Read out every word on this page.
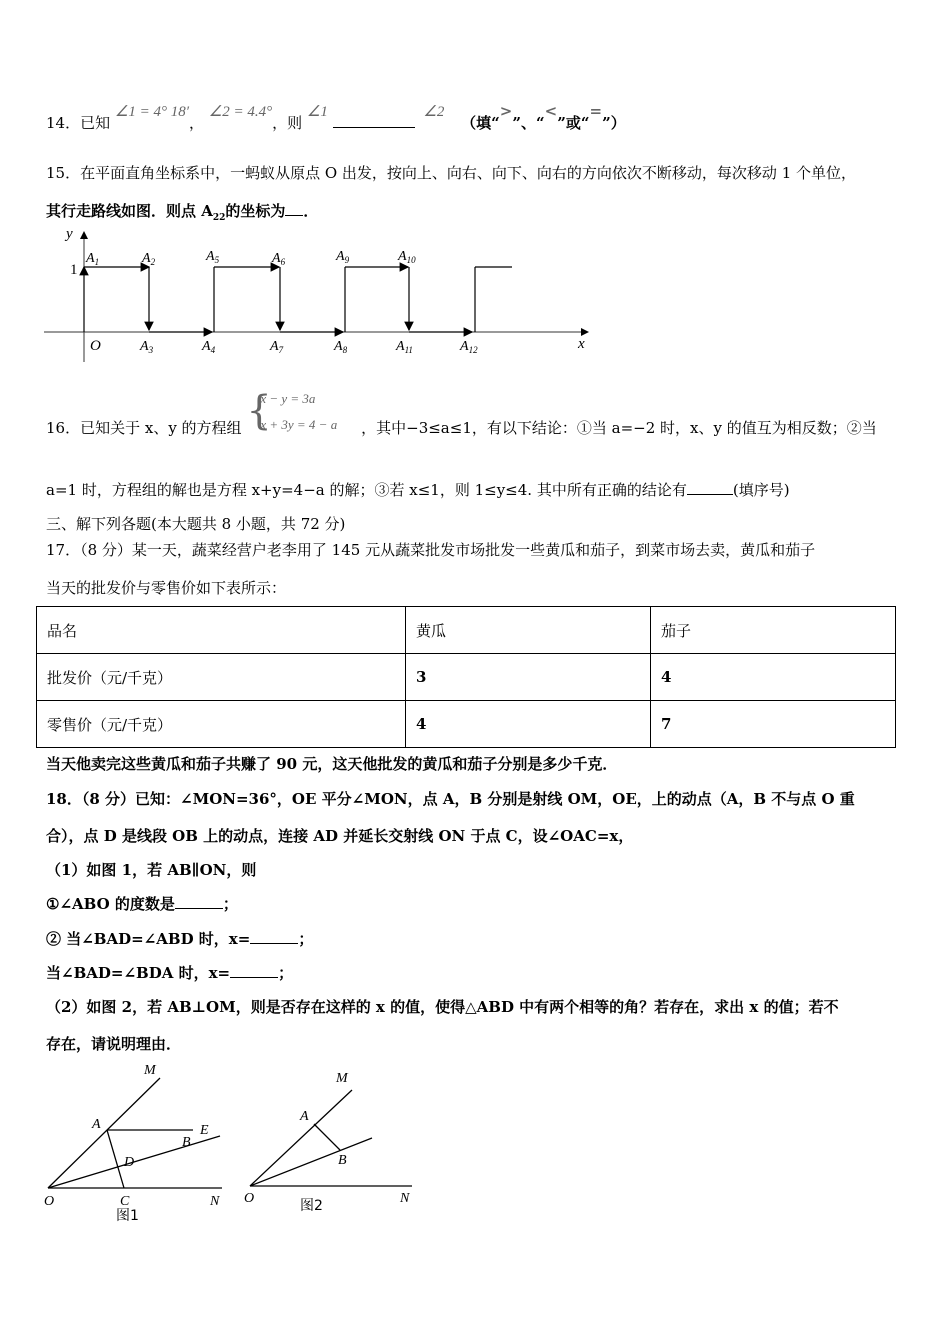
14．已知 ∠1 = 4° 18′， ∠2 = 4.4°，则 ∠1	∠2 （填“>”、“<”或“=”）
15．在平面直角坐标系中，一蚂蚁从原点 O 出发，按向上、向右、向下、向右的方向依次不断移动，每次移动 1 个单位，
其行走路线如图．则点 $A_{22}$的坐标为 ．
y
x
1
O
$A_1$	$A_2$	$A_5$	$A_6$	$A_9$	$A_{10}$
$A_3$	$A_4$	$A_7$	$A_8$	$A_{11}$	$A_{12}$
16．已知关于 x、y 的方程组 {
x − y = 3a
x + 3y = 4 − a ，其中−3≤a≤1，有以下结论：①当 a=−2 时，x、y 的值互为相反数；②当
a=1 时，方程组的解也是方程 x+y=4−a 的解；③若 x≤1，则 1≤y≤4. 其中所有正确的结论有	(填序号)
三、解下列各题(本大题共 8 小题，共 72 分)
17．（8 分）某一天，蔬菜经营户老李用了 145 元从蔬菜批发市场批发一些黄瓜和茄子，到菜市场去卖，黄瓜和茄子
当天的批发价与零售价如下表所示：
品名	黄瓜	茄子
批发价（元/千克）	3	4
零售价（元/千克）	4	7
当天他卖完这些黄瓜和茄子共赚了 90 元，这天他批发的黄瓜和茄子分别是多少千克．
18．（8 分）已知：∠MON=36°，OE 平分∠MON，点 A，B 分别是射线 OM，OE，上的动点（A，B 不与点 O 重
合），点 D 是线段 OB 上的动点，连接 AD 并延长交射线 ON 于点 C，设∠OAC=x，
（1）如图 1，若 AB∥ON，则
①∠ABO 的度数是	；
② 当∠BAD=∠ABD 时，x=	；
当∠BAD=∠BDA 时，x=	；
（2）如图 2，若 AB⊥OM，则是否存在这样的 x 的值，使得△ABD 中有两个相等的角？若存在，求出 x 的值；若不
存在，请说明理由．
M
A	E
B
D
O	C	N
图1
M
A
B
O	N
图2
